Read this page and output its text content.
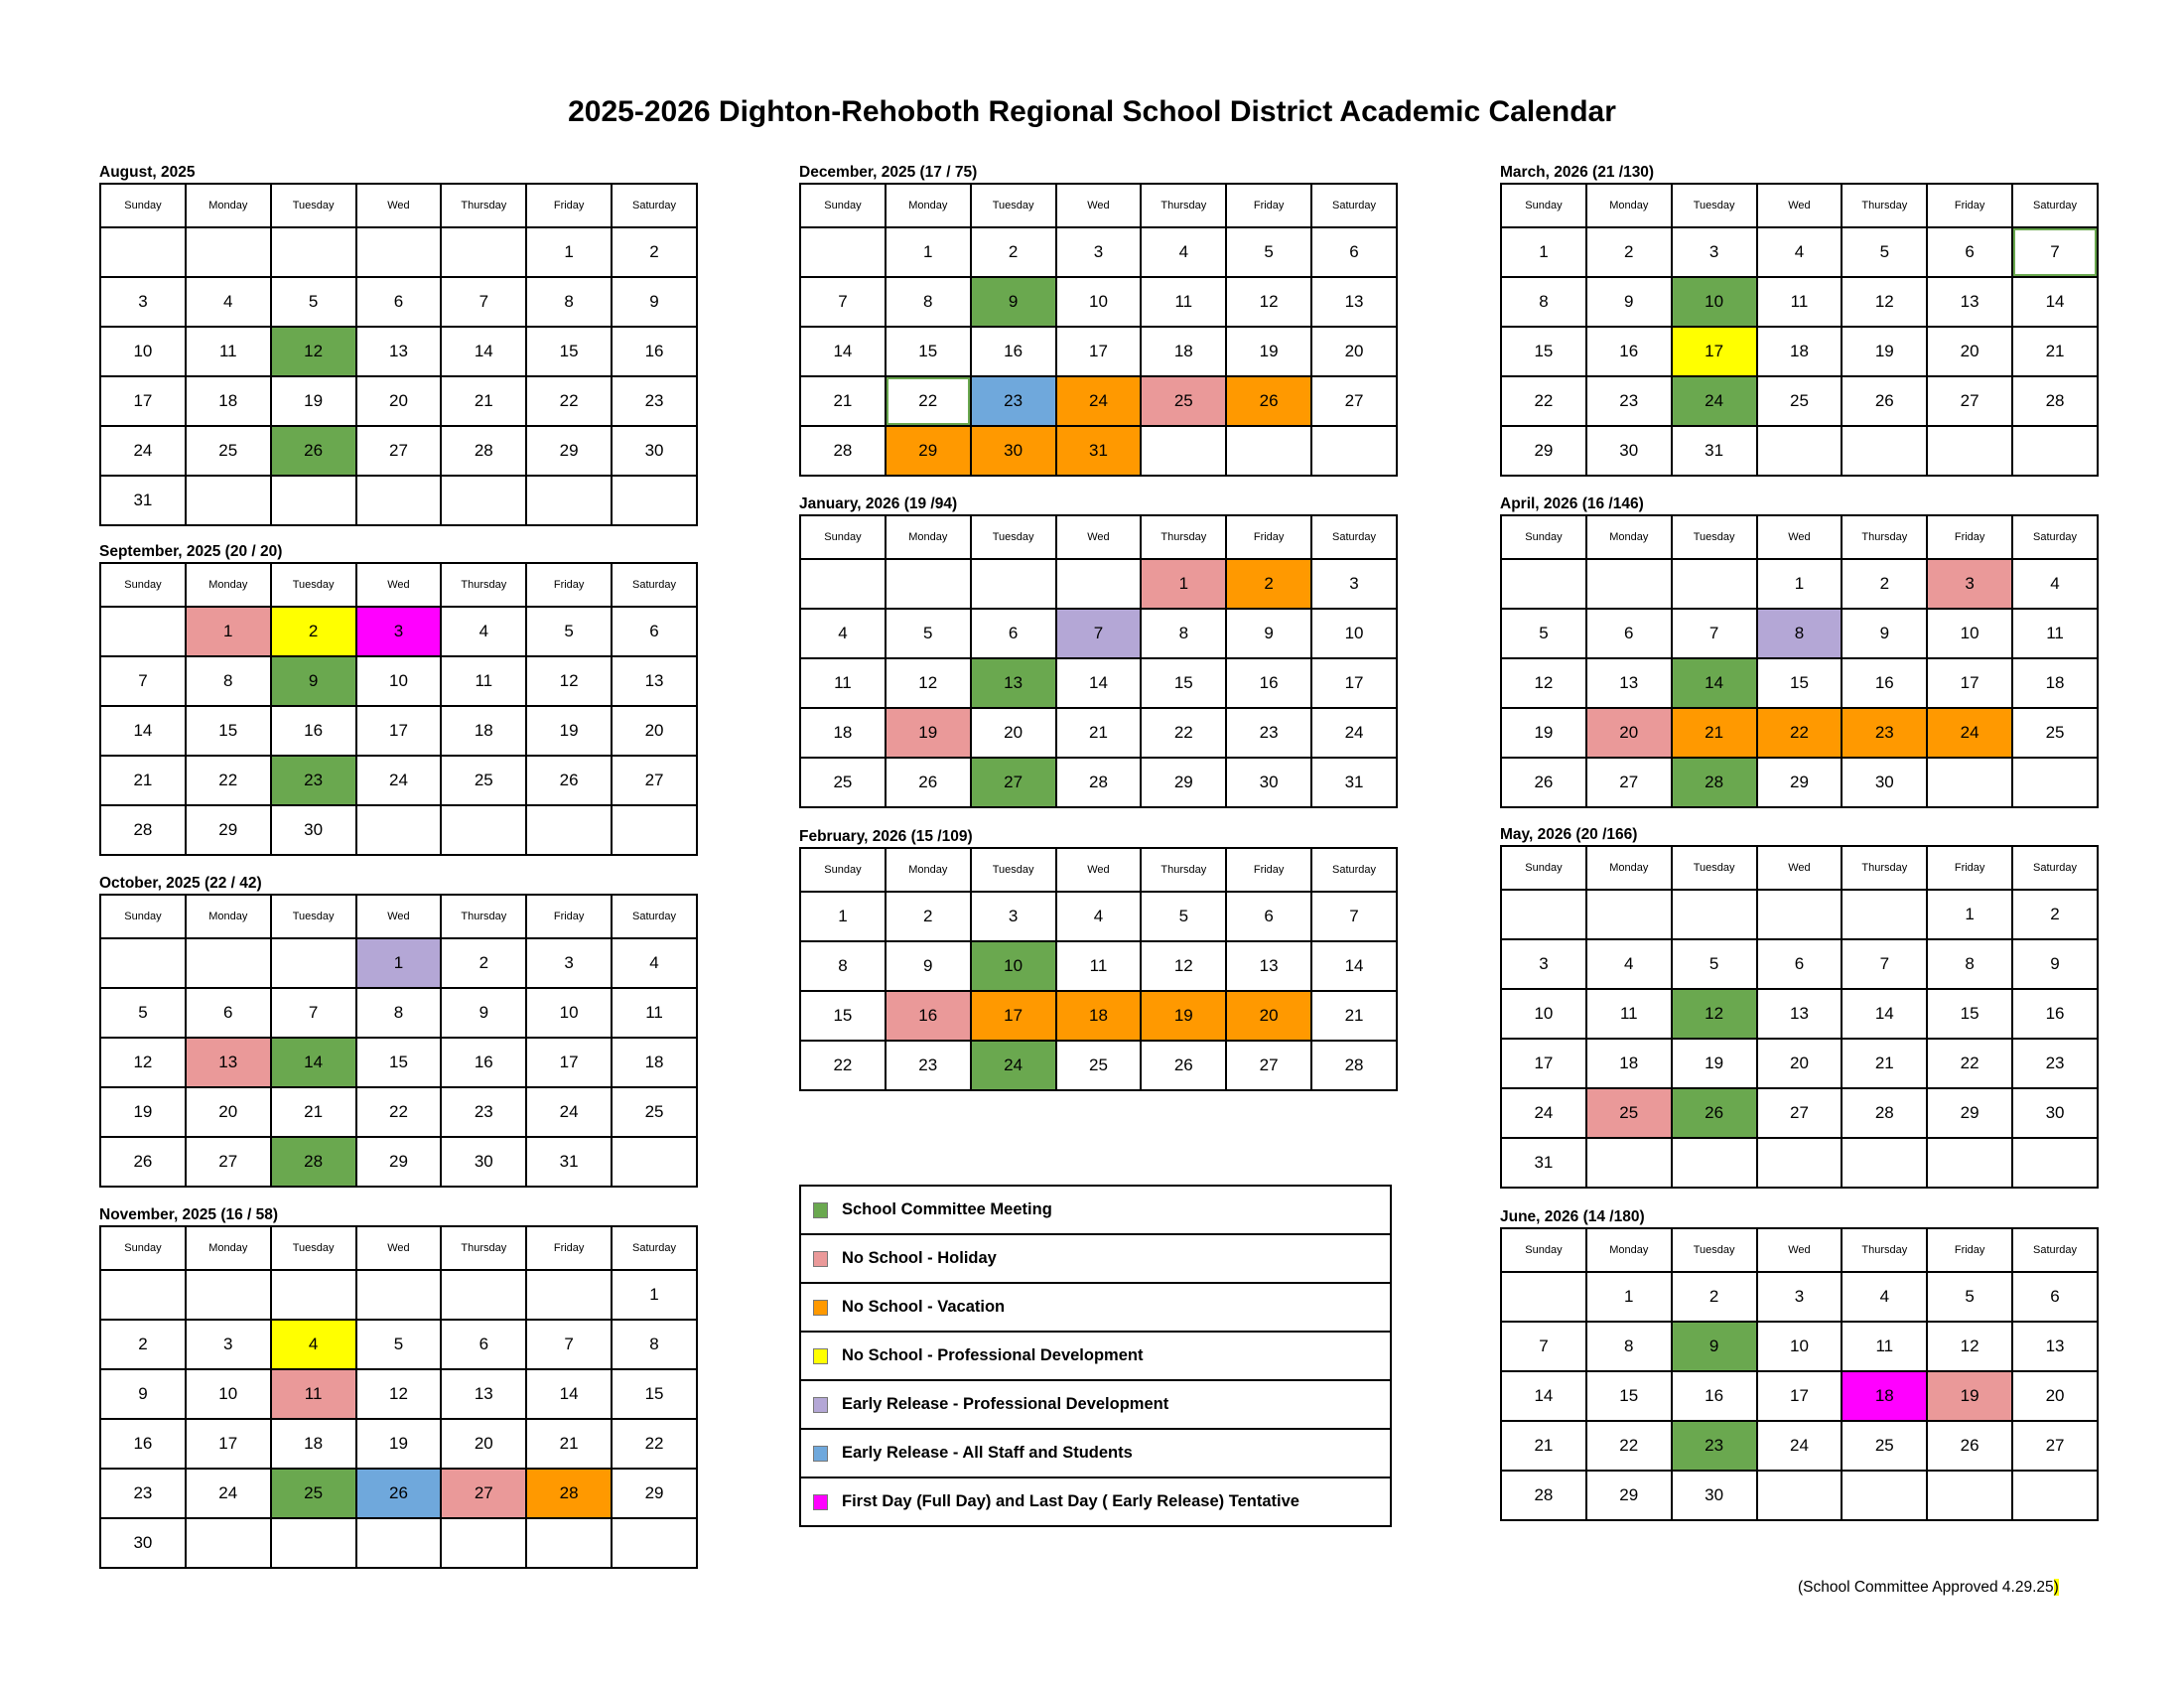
2025-2026 Dighton-Rehoboth Regional School District Academic Calendar
August, 2025
Sunday	Monday	Tuesday	Wed	Thursday	Friday	Saturday
					1	2
3	4	5	6	7	8	9
10	11	12	13	14	15	16
17	18	19	20	21	22	23
24	25	26	27	28	29	30
31						
September, 2025 (20 / 20)
Sunday	Monday	Tuesday	Wed	Thursday	Friday	Saturday
	1	2	3	4	5	6
7	8	9	10	11	12	13
14	15	16	17	18	19	20
21	22	23	24	25	26	27
28	29	30				
October, 2025 (22 / 42)
Sunday	Monday	Tuesday	Wed	Thursday	Friday	Saturday
			1	2	3	4
5	6	7	8	9	10	11
12	13	14	15	16	17	18
19	20	21	22	23	24	25
26	27	28	29	30	31	
November, 2025 (16 / 58)
Sunday	Monday	Tuesday	Wed	Thursday	Friday	Saturday
						1
2	3	4	5	6	7	8
9	10	11	12	13	14	15
16	17	18	19	20	21	22
23	24	25	26	27	28	29
30						
December, 2025 (17 / 75)
Sunday	Monday	Tuesday	Wed	Thursday	Friday	Saturday
	1	2	3	4	5	6
7	8	9	10	11	12	13
14	15	16	17	18	19	20
21	22	23	24	25	26	27
28	29	30	31			
January, 2026 (19 /94)
Sunday	Monday	Tuesday	Wed	Thursday	Friday	Saturday
				1	2	3
4	5	6	7	8	9	10
11	12	13	14	15	16	17
18	19	20	21	22	23	24
25	26	27	28	29	30	31
February, 2026 (15 /109)
Sunday	Monday	Tuesday	Wed	Thursday	Friday	Saturday
1	2	3	4	5	6	7
8	9	10	11	12	13	14
15	16	17	18	19	20	21
22	23	24	25	26	27	28
March, 2026 (21 /130)
Sunday	Monday	Tuesday	Wed	Thursday	Friday	Saturday
1	2	3	4	5	6	7
8	9	10	11	12	13	14
15	16	17	18	19	20	21
22	23	24	25	26	27	28
29	30	31				
April, 2026 (16 /146)
Sunday	Monday	Tuesday	Wed	Thursday	Friday	Saturday
			1	2	3	4
5	6	7	8	9	10	11
12	13	14	15	16	17	18
19	20	21	22	23	24	25
26	27	28	29	30		
May, 2026 (20 /166)
Sunday	Monday	Tuesday	Wed	Thursday	Friday	Saturday
					1	2
3	4	5	6	7	8	9
10	11	12	13	14	15	16
17	18	19	20	21	22	23
24	25	26	27	28	29	30
31						
June, 2026 (14 /180)
Sunday	Monday	Tuesday	Wed	Thursday	Friday	Saturday
	1	2	3	4	5	6
7	8	9	10	11	12	13
14	15	16	17	18	19	20
21	22	23	24	25	26	27
28	29	30				
School Committee Meeting
No School - Holiday
No School - Vacation
No School - Professional Development
Early Release - Professional Development
Early Release - All Staff and Students
First Day (Full Day) and Last Day ( Early Release) Tentative
(School Committee Approved 4.29.25)
